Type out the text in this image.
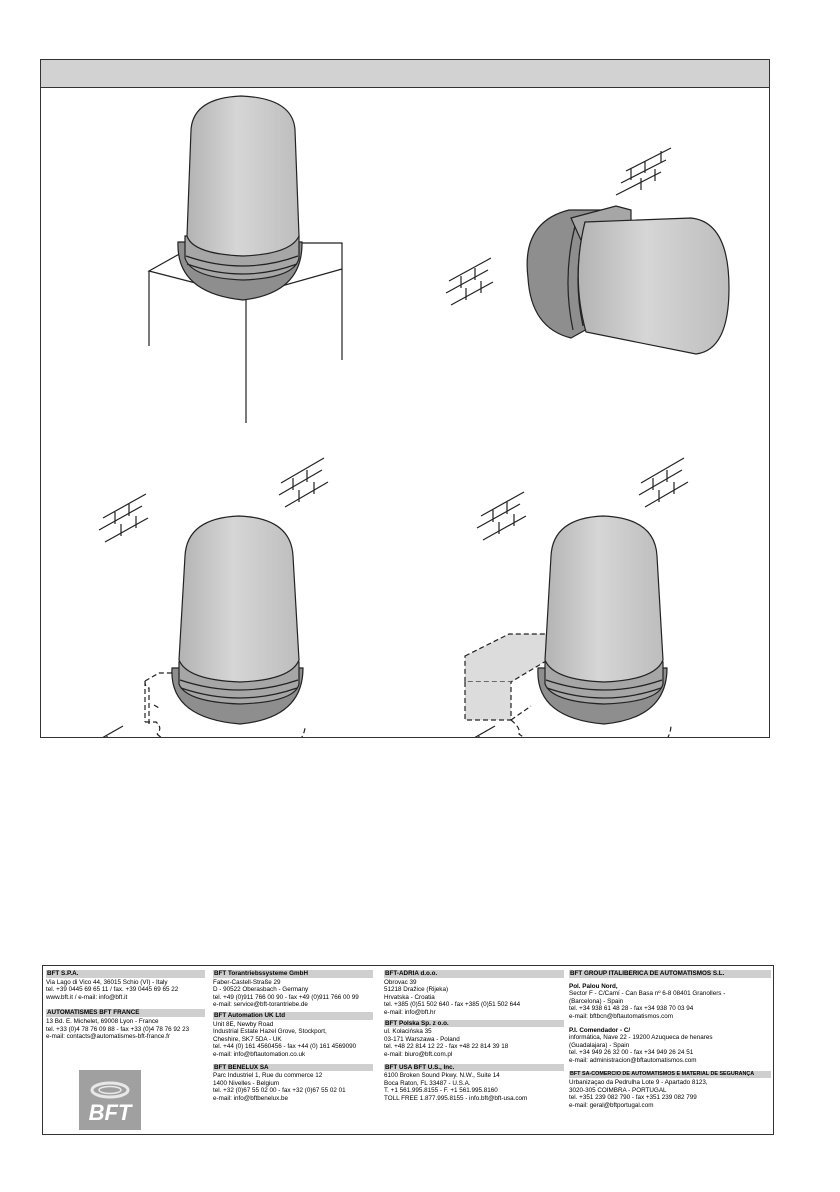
BFT S.P.A.
Via Lago di Vico 44, 36015 Schio (VI) - Italy
tel. +39 0445 69 65 11 / fax. +39 0445 69 65 22
www.bft.it / e-mail: info@bft.it
AUTOMATISMES BFT FRANCE
13 Bd. E. Michelet, 69008 Lyon - France
tel. +33 (0)4 78 76 09 88 - fax +33 (0)4 78 76 92 23
e-mail: contacts@automatismes-bft-france.fr
BFT
BFT Torantriebssysteme GmbH
Faber-Castell-Straße 29
D - 90522 Oberasbach - Germany
tel. +49 (0)911 766 00 90 - fax +49 (0)911 766 00 99
e-mail: service@bft-torantriebe.de
BFT Automation UK Ltd
Unit 8E, Newby Road
Industrial Estate Hazel Grove, Stockport,
Cheshire, SK7 5DA - UK
tel. +44 (0) 161 4560456 - fax +44 (0) 161 4569090
e-mail: info@bftautomation.co.uk
BFT BENELUX SA
Parc Industriel 1, Rue du commerce 12
1400 Nivelles - Belgium
tel. +32 (0)67 55 02 00 - fax +32 (0)67 55 02 01
e-mail: info@bftbenelux.be
BFT-ADRIA d.o.o.
Obrovac 39
51218 Dražice (Rijeka)
Hrvatska - Croatia
tel. +385 (0)51 502 640 - fax +385 (0)51 502 644
e-mail: info@bft.hr
BFT Polska Sp. z o.o.
ul. Kołacińska 35
03-171 Warszawa - Poland
tel. +48 22 814 12 22 - fax +48 22 814 39 18
e-mail: biuro@bft.com.pl
BFT USA BFT U.S., Inc.
6100 Broken Sound Pkwy. N.W., Suite 14
Boca Raton, FL 33487 - U.S.A.
T. +1 561.995.8155 - F. +1 561.995.8160
TOLL FREE 1.877.995.8155 - info.bft@bft-usa.com
BFT GROUP ITALIBERICA DE AUTOMATISMOS S.L.
Pol. Palou Nord,
Sector F - C/Camí - Can Basa nº 6-8 08401 Granollers -
(Barcelona) - Spain
tel. +34 938 61 48 28 - fax +34 938 70 03 94
e-mail: bftbcn@bftautomatismos.com
P.I. Comendador - C/
informática, Nave 22 - 19200 Azuqueca de henares
(Guadalajara) - Spain
tel. +34 949 26 32 00 - fax +34 949 26 24 51
e-mail: administracion@bftautomatismos.com
BFT SA-COMERCIO DE AUTOMATISMOS E MATERIAL DE SEGURANÇA
Urbanizaçao da Pedrulha Lote 9 - Apartado 8123,
3020-305 COIMBRA - PORTUGAL
tel. +351 239 082 790 - fax +351 239 082 799
e-mail: geral@bftportugal.com
